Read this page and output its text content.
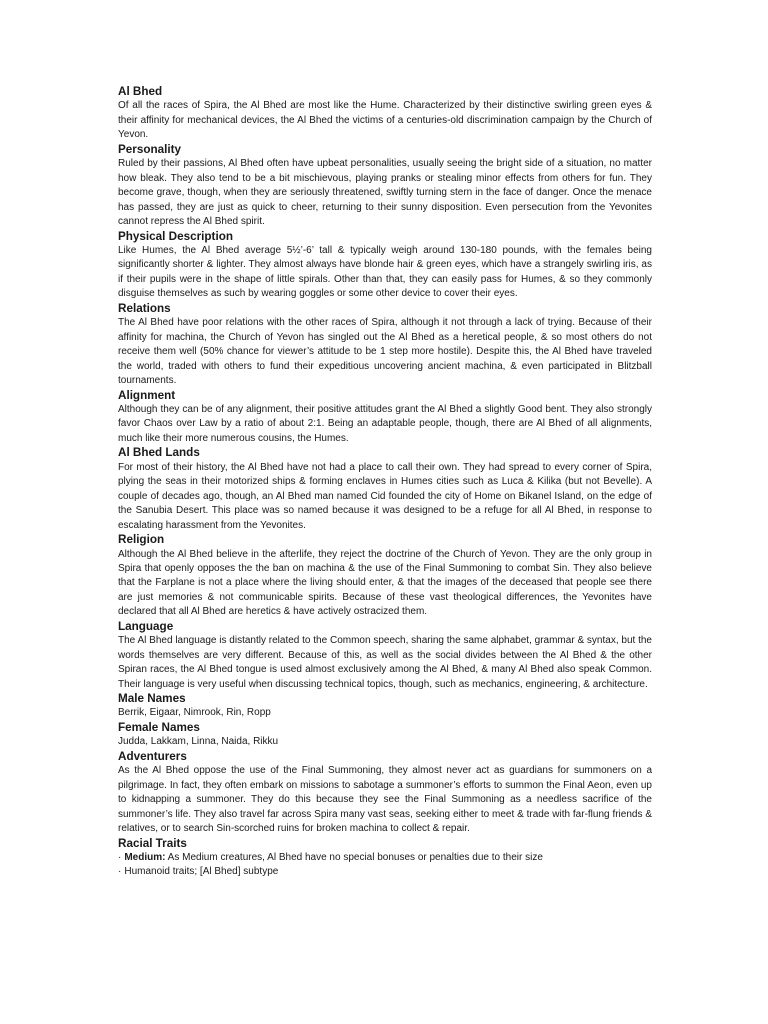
Al Bhed

Of all the races of Spira, the Al Bhed are most like the Hume. Characterized by their distinctive swirling green eyes & their affinity for mechanical devices, the Al Bhed the victims of a centuries-old discrimination campaign by the Church of Yevon.

Personality

Ruled by their passions, Al Bhed often have upbeat personalities, usually seeing the bright side of a situation, no matter how bleak. They also tend to be a bit mischievous, playing pranks or stealing minor effects from others for fun. They become grave, though, when they are seriously threatened, swiftly turning stern in the face of danger. Once the menace has passed, they are just as quick to cheer, returning to their sunny disposition. Even persecution from the Yevonites cannot repress the Al Bhed spirit.

Physical Description

Like Humes, the Al Bhed average 5½’-6’ tall & typically weigh around 130-180 pounds, with the females being significantly shorter & lighter. They almost always have blonde hair & green eyes, which have a strangely swirling iris, as if their pupils were in the shape of little spirals. Other than that, they can easily pass for Humes, & so they commonly disguise themselves as such by wearing goggles or some other device to cover their eyes.

Relations

The Al Bhed have poor relations with the other races of Spira, although it not through a lack of trying. Because of their affinity for machina, the Church of Yevon has singled out the Al Bhed as a heretical people, & so most others do not receive them well (50% chance for viewer’s attitude to be 1 step more hostile). Despite this, the Al Bhed have traveled the world, traded with others to fund their expeditious uncovering ancient machina, & even participated in Blitzball tournaments.

Alignment

Although they can be of any alignment, their positive attitudes grant the Al Bhed a slightly Good bent. They also strongly favor Chaos over Law by a ratio of about 2:1. Being an adaptable people, though, there are Al Bhed of all alignments, much like their more numerous cousins, the Humes.

Al Bhed Lands

For most of their history, the Al Bhed have not had a place to call their own. They had spread to every corner of Spira, plying the seas in their motorized ships & forming enclaves in Humes cities such as Luca & Kilika (but not Bevelle). A couple of decades ago, though, an Al Bhed man named Cid founded the city of Home on Bikanel Island, on the edge of the Sanubia Desert. This place was so named because it was designed to be a refuge for all Al Bhed, in response to escalating harassment from the Yevonites.

Religion

Although the Al Bhed believe in the afterlife, they reject the doctrine of the Church of Yevon. They are the only group in Spira that openly opposes the the ban on machina & the use of the Final Summoning to combat Sin. They also believe that the Farplane is not a place where the living should enter, & that the images of the deceased that people see there are just memories & not communicable spirits. Because of these vast theological differences, the Yevonites have declared that all Al Bhed are heretics & have actively ostracized them.

Language

The Al Bhed language is distantly related to the Common speech, sharing the same alphabet, grammar & syntax, but the words themselves are very different. Because of this, as well as the social divides between the Al Bhed & the other Spiran races, the Al Bhed tongue is used almost exclusively among the Al Bhed, & many Al Bhed also speak Common. Their language is very useful when discussing technical topics, though, such as mechanics, engineering, & architecture.

Male Names

Berrik, Eigaar, Nimrook, Rin, Ropp

Female Names

Judda, Lakkam, Linna, Naida, Rikku

Adventurers

As the Al Bhed oppose the use of the Final Summoning, they almost never act as guardians for summoners on a pilgrimage. In fact, they often embark on missions to sabotage a summoner’s efforts to summon the Final Aeon, even up to kidnapping a summoner. They do this because they see the Final Summoning as a needless sacrifice of the summoner’s life. They also travel far across Spira many vast seas, seeking either to meet & trade with far-flung friends & relatives, or to search Sin-scorched ruins for broken machina to collect & repair.

Racial Traits
· Medium: As Medium creatures, Al Bhed have no special bonuses or penalties due to their size
· Humanoid traits; [Al Bhed] subtype
